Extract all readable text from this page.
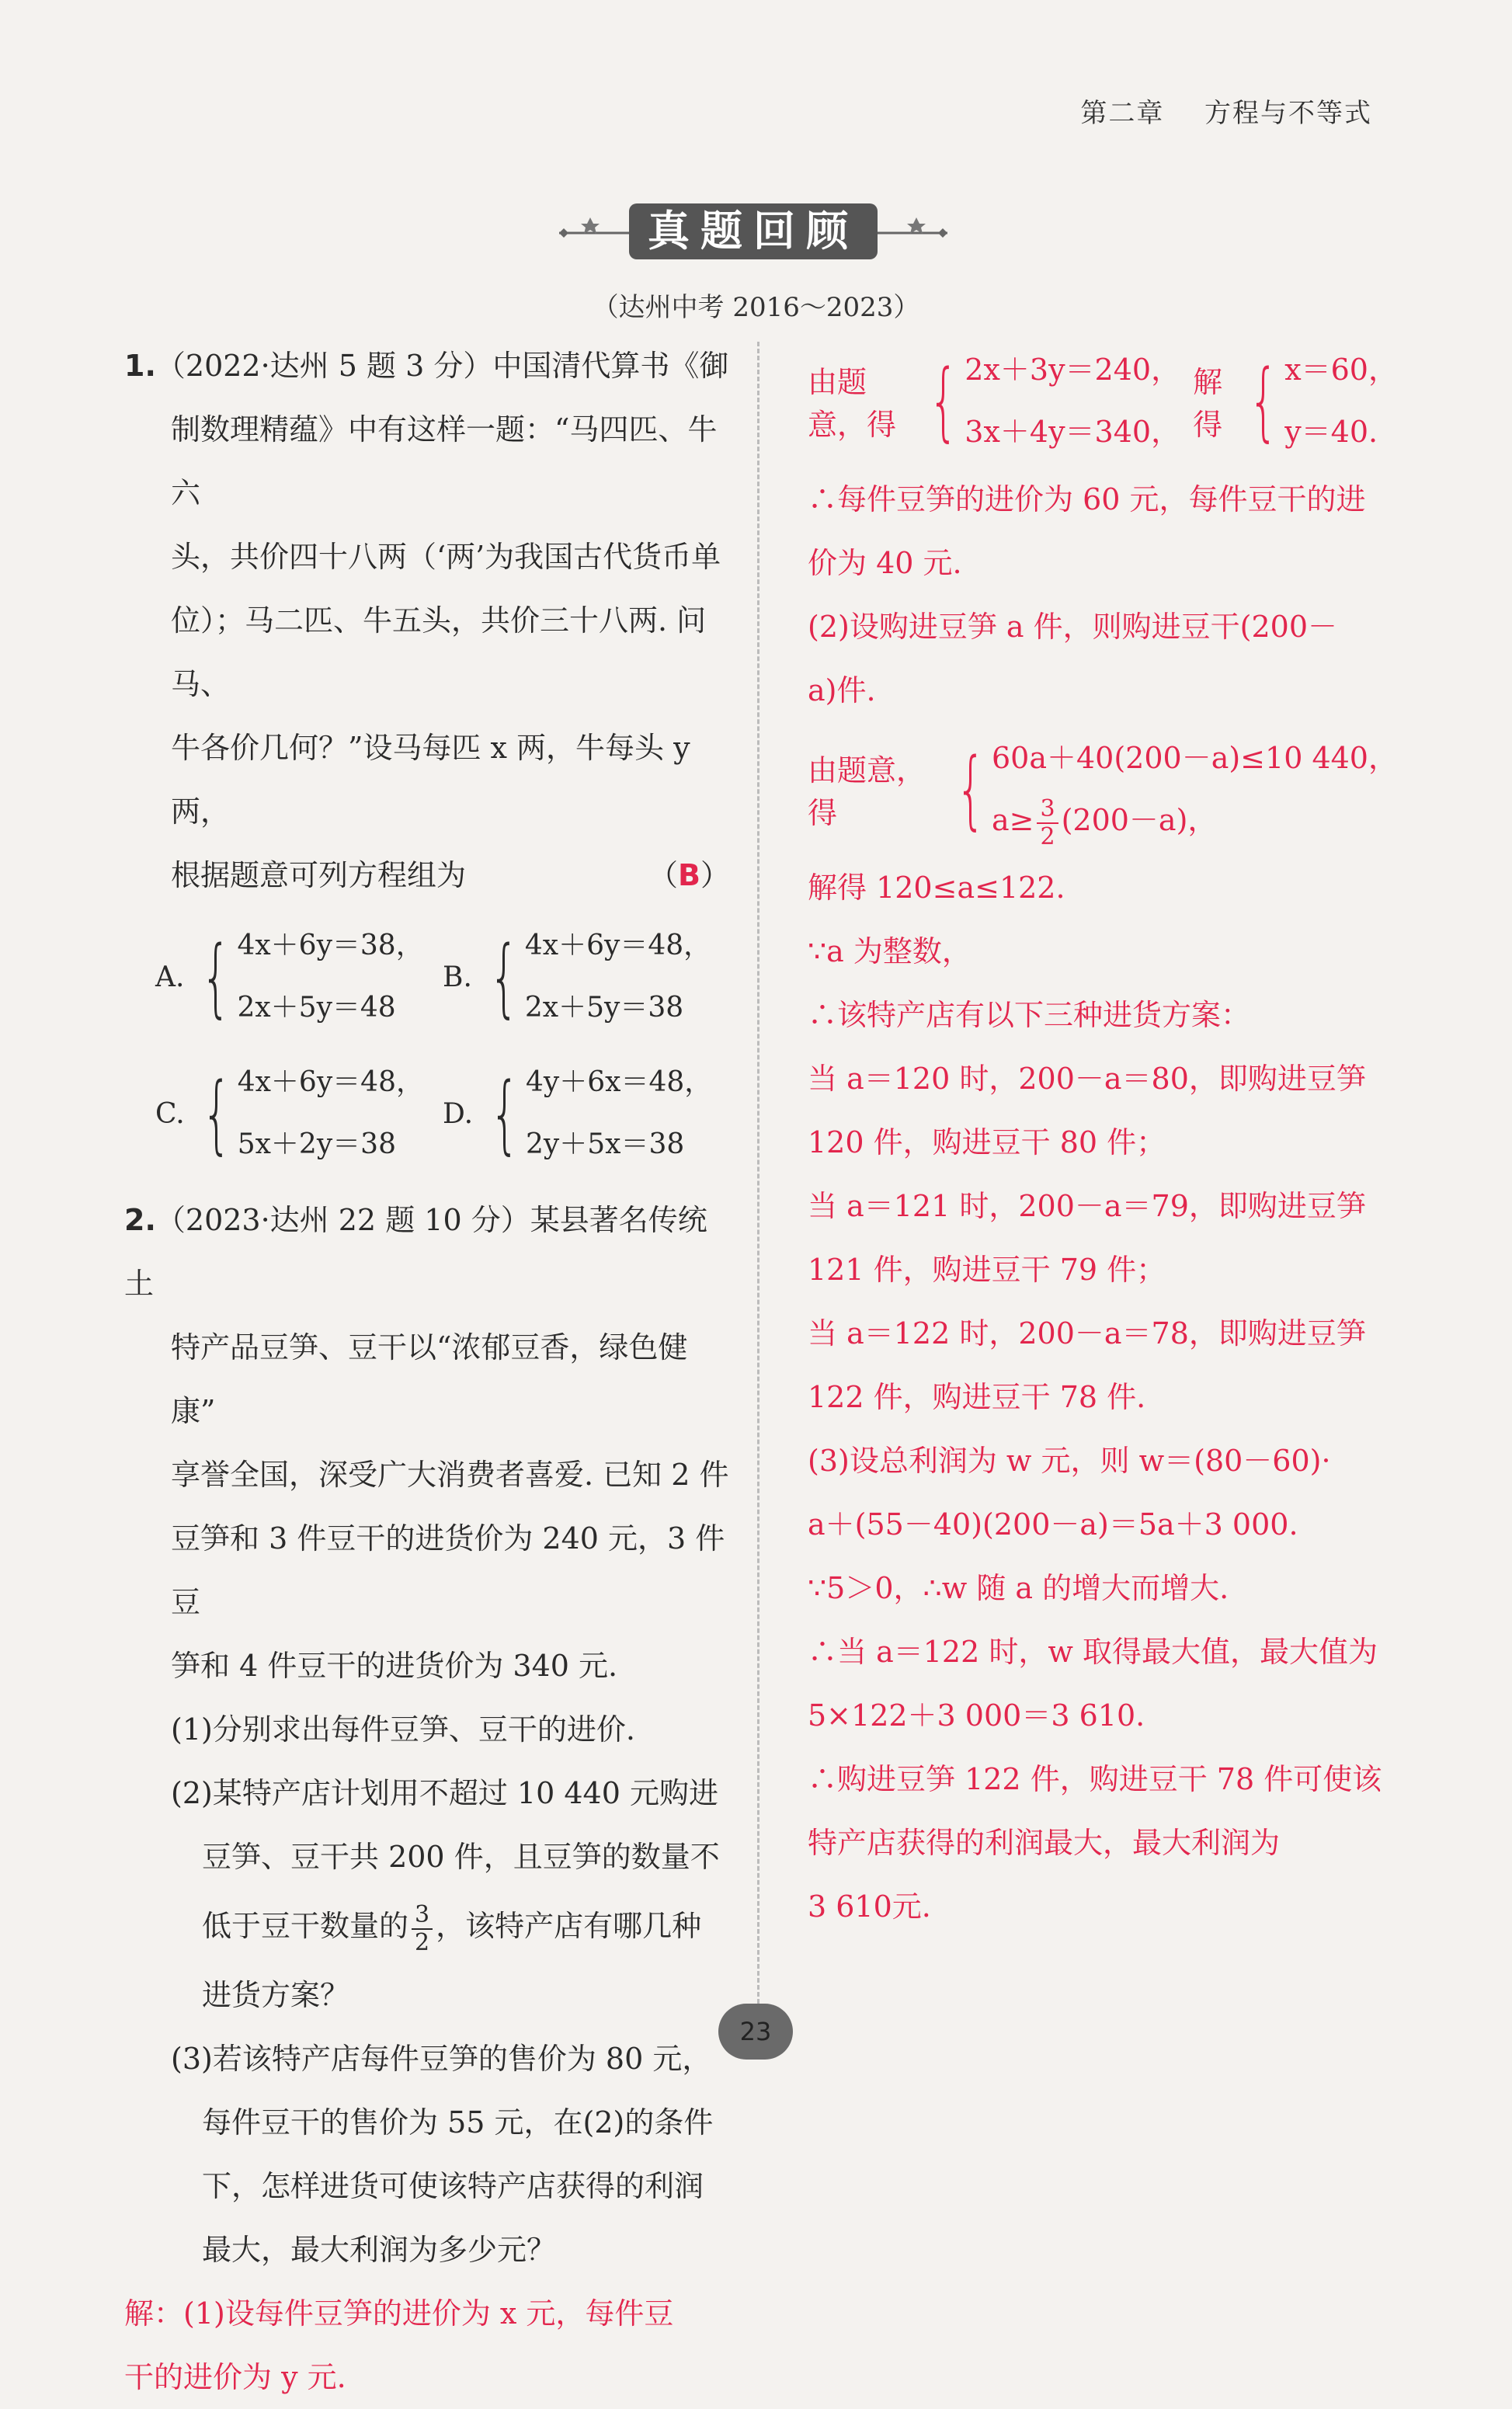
第二章 方程与不等式
真题回顾
（达州中考 2016～2023）

1.（2022·达州 5 题 3 分）中国清代算书《御

制数理精蕴》中有这样一题：“马四匹、牛六

头，共价四十八两（‘两’为我国古代货币单

位）；马二匹、牛五头，共价三十八两. 问马、

牛各价几何？”设马每匹 x 两，牛每头 y 两，

根据题意可列方程组为	（B）

A. { 4x＋6y＝38，
2x＋5y＝48
B. { 4x＋6y＝48，
2x＋5y＝38
C. { 4x＋6y＝48，
5x＋2y＝38
D. { 4y＋6x＝48，
2y＋5x＝38

2.（2023·达州 22 题 10 分）某县著名传统土

特产品豆笋、豆干以“浓郁豆香，绿色健康”

享誉全国，深受广大消费者喜爱. 已知 2 件

豆笋和 3 件豆干的进货价为 240 元，3 件豆

笋和 4 件豆干的进货价为 340 元.

(1)分别求出每件豆笋、豆干的进价.

(2)某特产店计划用不超过 10 440 元购进

豆笋、豆干共 200 件，且豆笋的数量不

低于豆干数量的 $\frac{3}{2}$ ，该特产店有哪几种

进货方案？

(3)若该特产店每件豆笋的售价为 80 元，

每件豆干的售价为 55 元，在(2)的条件

下，怎样进货可使该特产店获得的利润

最大，最大利润为多少元？

解：(1)设每件豆笋的进价为 x 元，每件豆

干的进价为 y 元.

由题意，得 { 2x＋3y＝240，
3x＋4y＝340，
解得 { x＝60，
y＝40.

∴每件豆笋的进价为 60 元，每件豆干的进

价为 40 元.

(2)设购进豆笋 a 件，则购进豆干(200－

a)件.

由题意，得	{ 60a＋40(200－a)≤10 440，
$a\ge \frac{3}{2} (200-a)$，

解得 120≤a≤122.

∵a 为整数，

∴该特产店有以下三种进货方案：

当 a＝120 时，200－a＝80，即购进豆笋

120 件，购进豆干 80 件；

当 a＝121 时，200－a＝79，即购进豆笋

121 件，购进豆干 79 件；

当 a＝122 时，200－a＝78，即购进豆笋

122 件，购进豆干 78 件.

(3)设总利润为 w 元，则 w＝(80－60)·

a＋(55－40)(200－a)＝5a＋3 000.

∵5＞0，∴w 随 a 的增大而增大.

∴当 a＝122 时，w 取得最大值，最大值为

5×122＋3 000＝3 610.

∴购进豆笋 122 件，购进豆干 78 件可使该

特产店获得的利润最大，最大利润为

3 610元.

23
